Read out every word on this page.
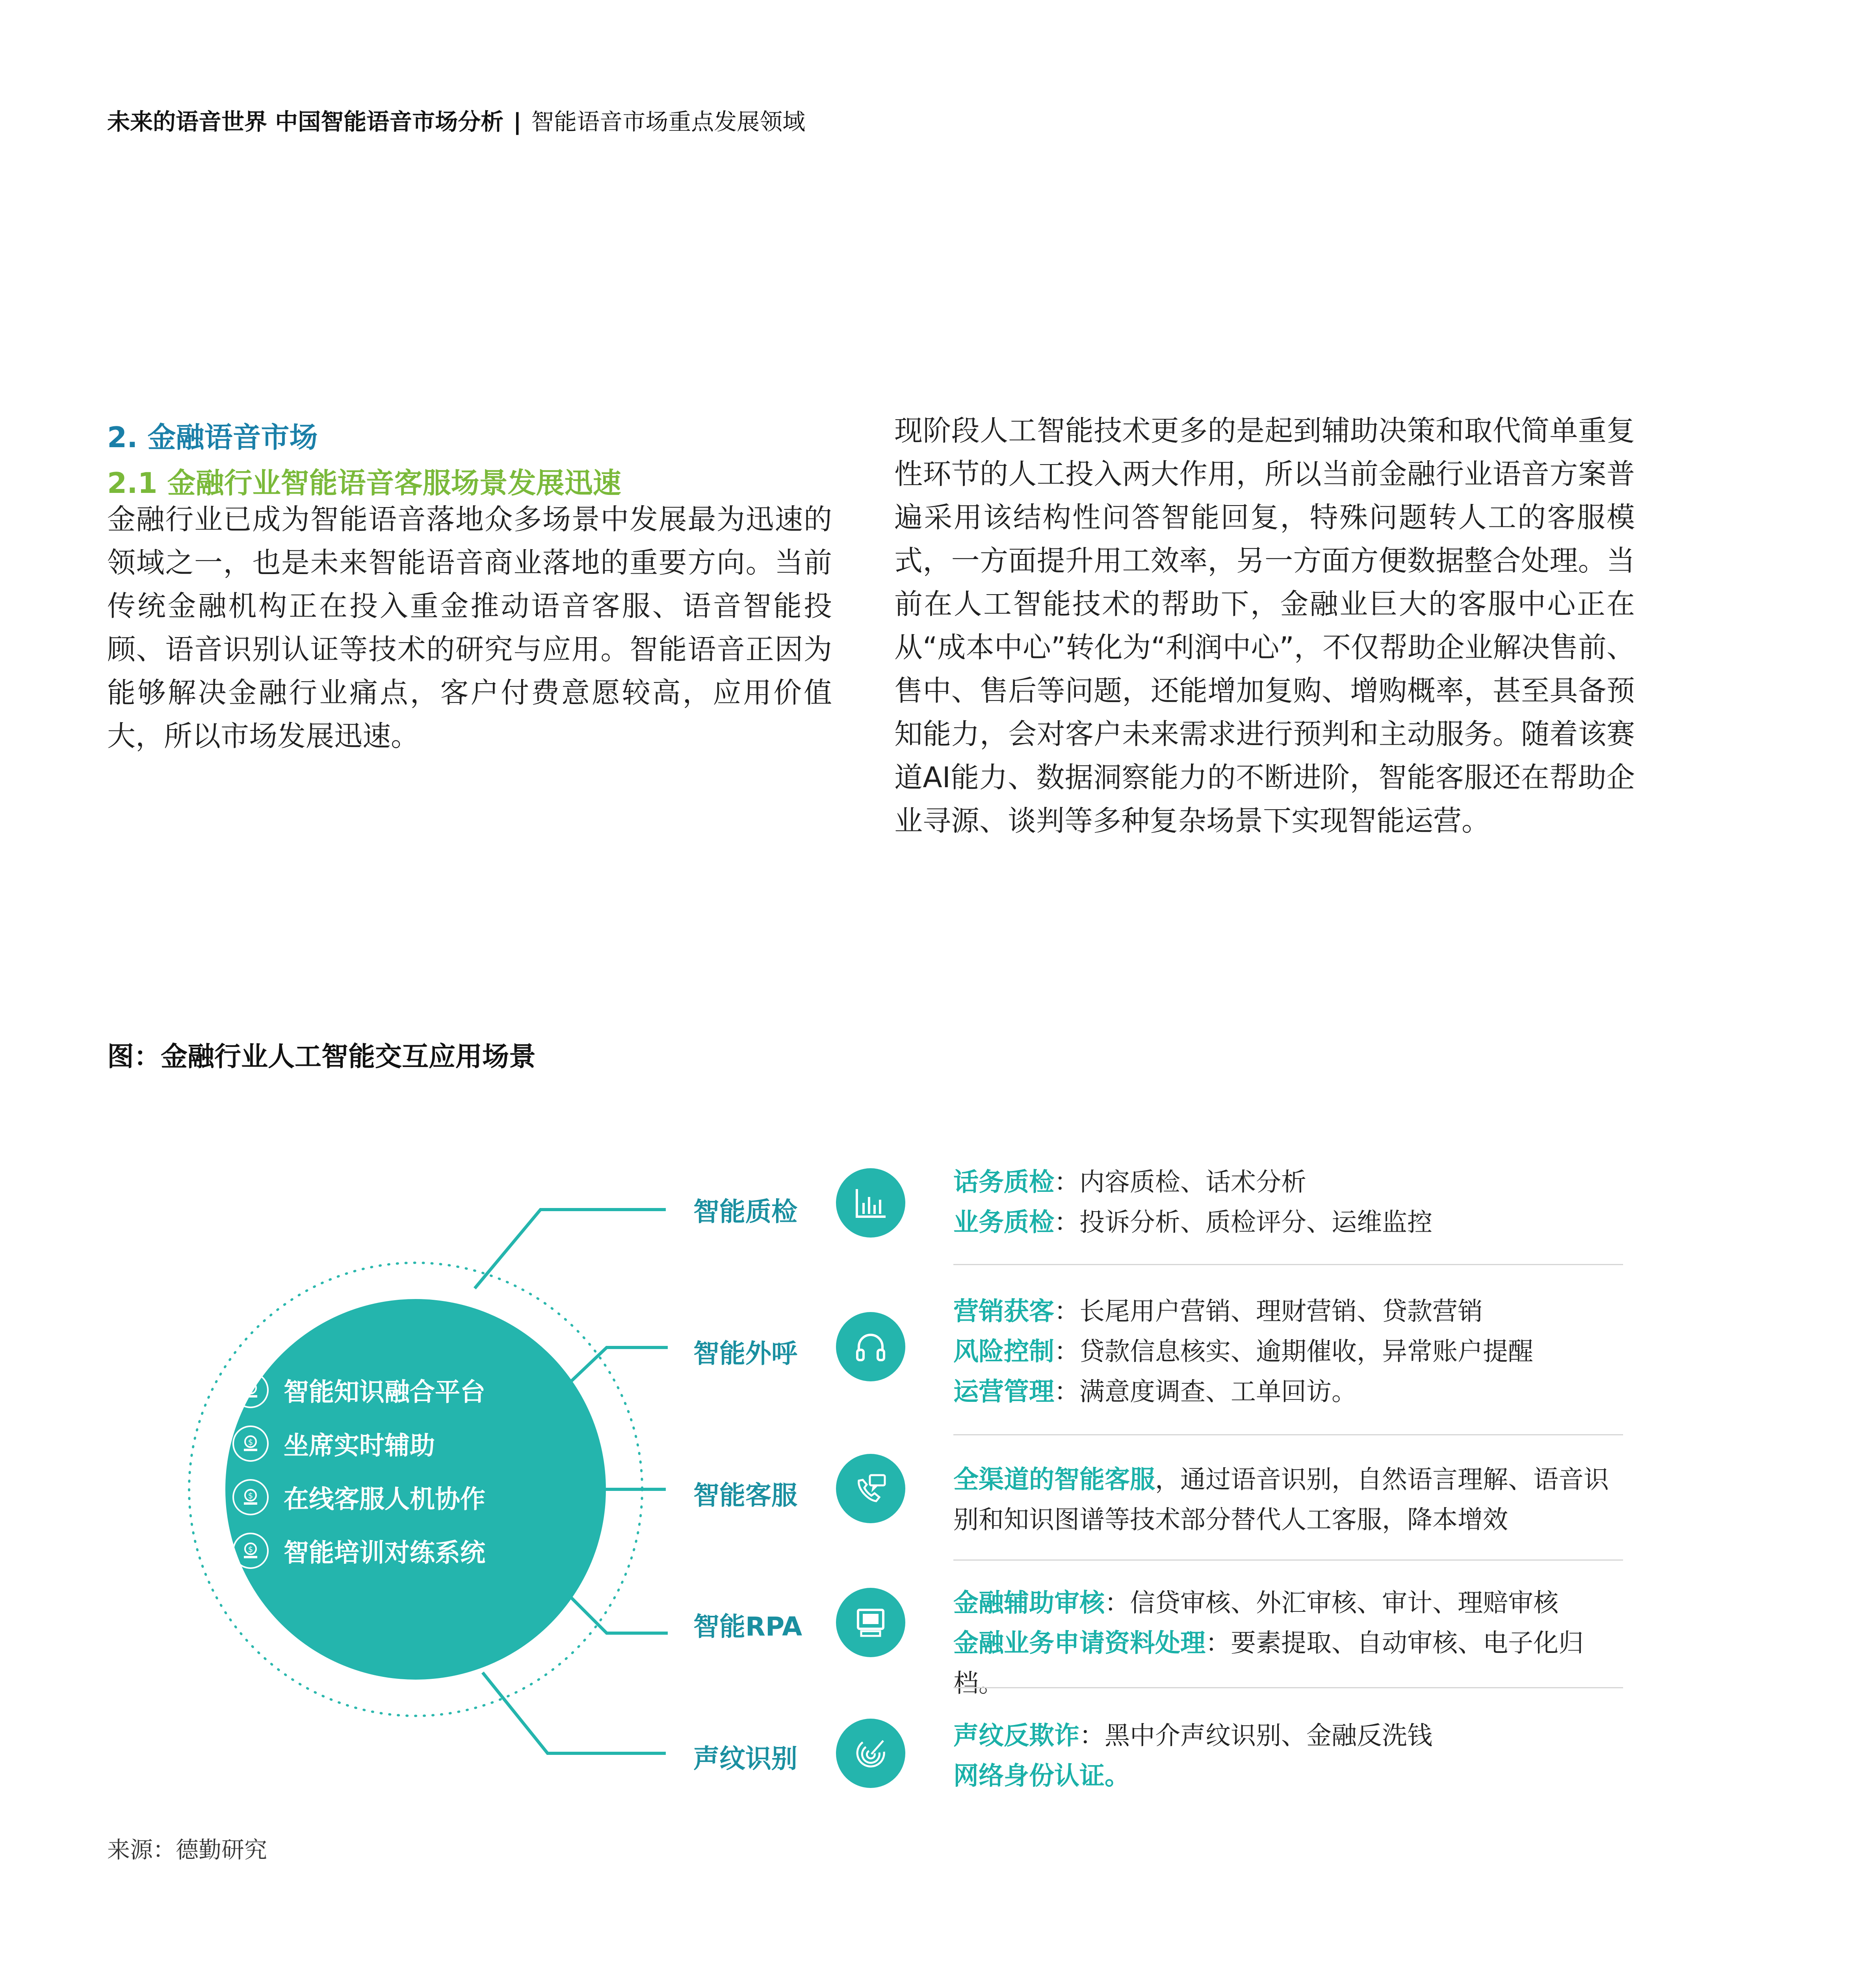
未来的语音世界 中国智能语音市场分析 | 智能语音市场重点发展领域
2. 金融语音市场
2.1 金融行业智能语音客服场景发展迅速

金融行业已成为智能语音落地众多场景中发展最为迅速的领域之一，也是未来智能语音商业落地的重要方向。当前传统金融机构正在投入重金推动语音客服、语音智能投顾、语音识别认证等技术的研究与应用。智能语音正因为能够解决金融行业痛点，客户付费意愿较高，应用价值大，所以市场发展迅速。

现阶段人工智能技术更多的是起到辅助决策和取代简单重复性环节的人工投入两大作用，所以当前金融行业语音方案普遍采用该结构性问答智能回复，特殊问题转人工的客服模式，一方面提升用工效率，另一方面方便数据整合处理。当前在人工智能技术的帮助下，金融业巨大的客服中心正在从“成本中心”转化为“利润中心”，不仅帮助企业解决售前、售中、售后等问题，还能增加复购、增购概率，甚至具备预知能力，会对客户未来需求进行预判和主动服务。随着该赛道AI能力、数据洞察能力的不断进阶，智能客服还在帮助企业寻源、谈判等多种复杂场景下实现智能运营。

图：金融行业人工智能交互应用场景
$ 智能知识融合平台
$ 坐席实时辅助
$ 在线客服人机协作
$ 智能培训对练系统
智能质检
智能外呼
智能客服
智能RPA
声纹识别
话务质检：内容质检、话术分析
业务质检：投诉分析、质检评分、运维监控
营销获客：长尾用户营销、理财营销、贷款营销
风险控制：贷款信息核实、逾期催收，异常账户提醒
运营管理：满意度调查、工单回访。
全渠道的智能客服，通过语音识别，自然语言理解、语音识别和知识图谱等技术部分替代人工客服，降本增效
金融辅助审核：信贷审核、外汇审核、审计、理赔审核
金融业务申请资料处理：要素提取、自动审核、电子化归档。
声纹反欺诈：黑中介声纹识别、金融反洗钱
网络身份认证。
来源：德勤研究
